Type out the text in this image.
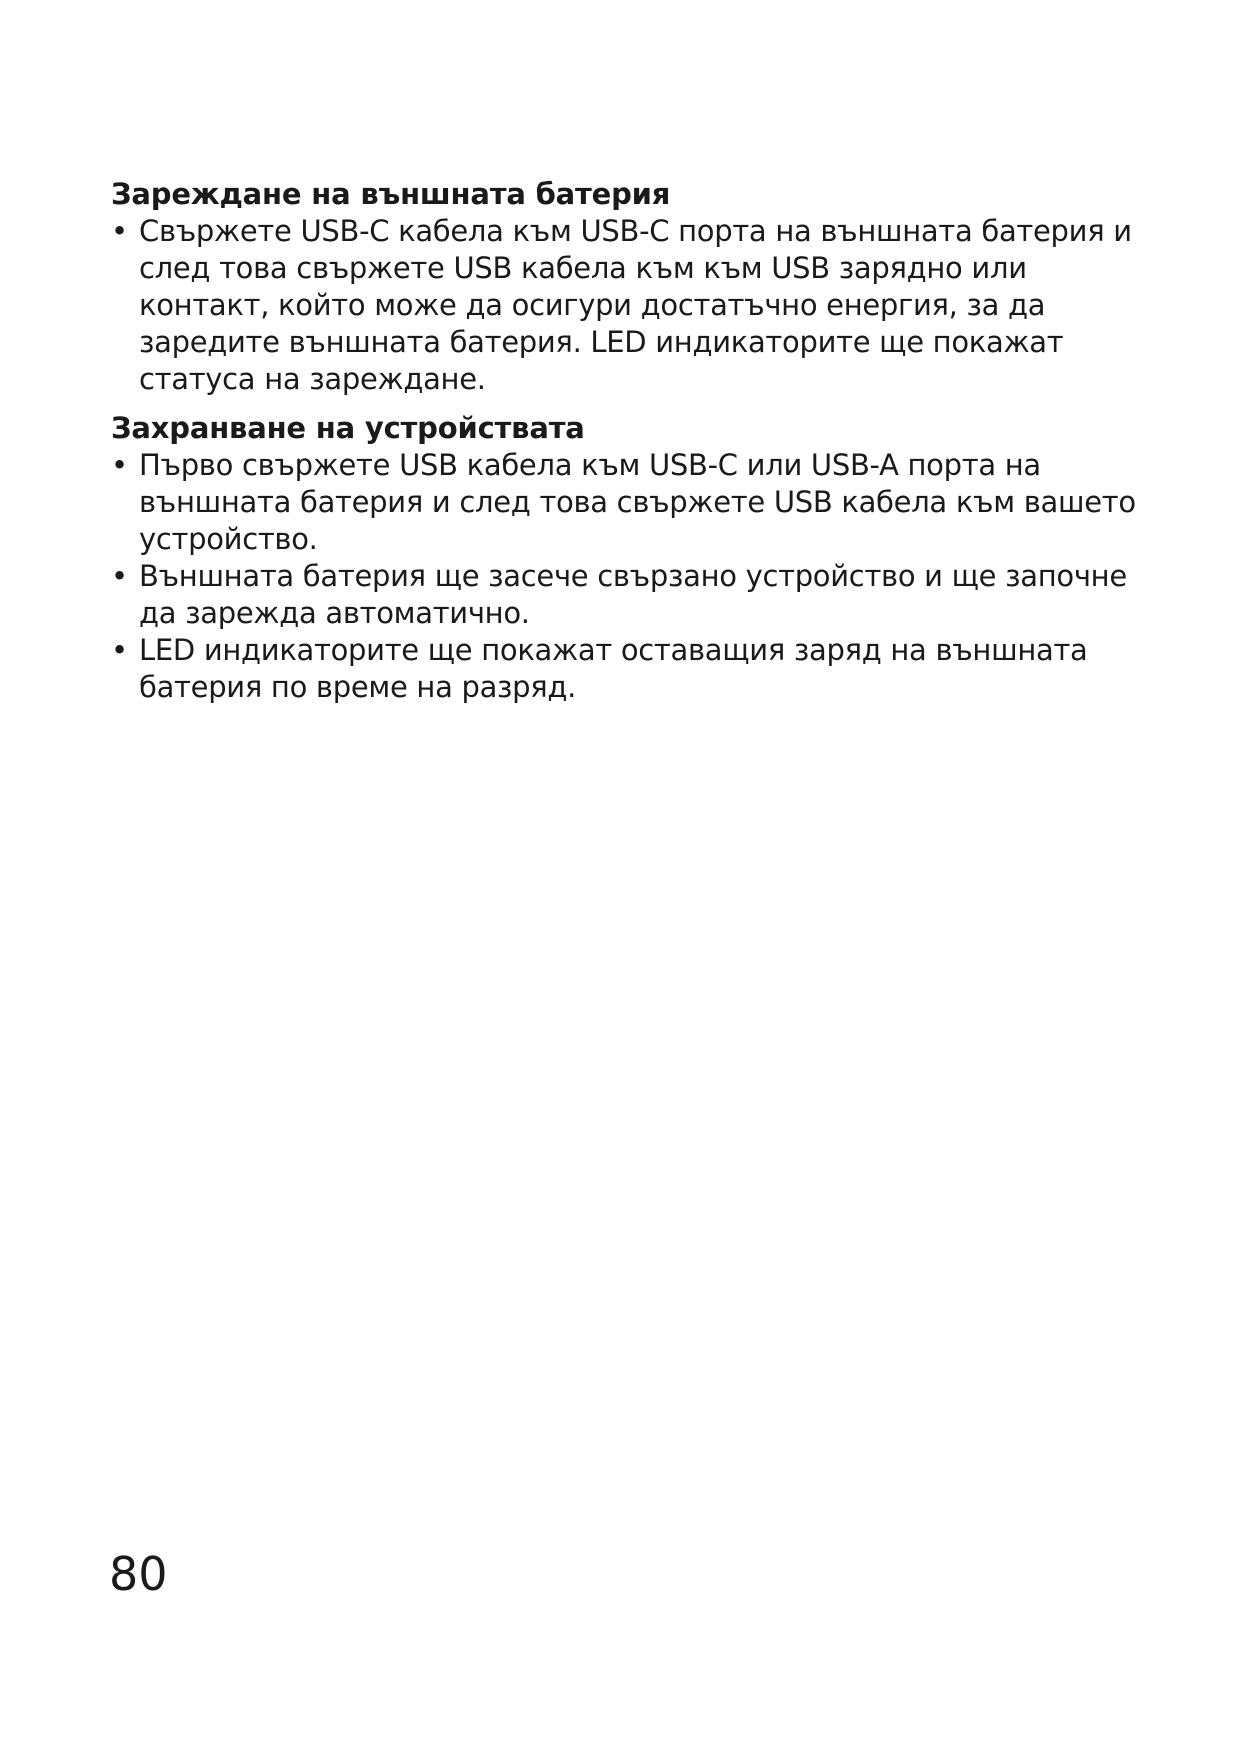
Зареждане на външната батерия
• Свържете USB-C кабела към USB-C порта на външната батерия и след това свържете USB кабела към към USB зарядно или контакт, който може да осигури достатъчно енергия, за да заредите външната батерия. LED индикаторите ще покажат статуса на зареждане.
Захранване на устройствата
• Първо свържете USB кабела към USB-C или USB-A порта на външната батерия и след това свържете USB кабела към вашето устройство.
• Външната батерия ще засече свързано устройство и ще започне да зарежда автоматично.
• LED индикаторите ще покажат оставащия заряд на външната батерия по време на разряд.
80
